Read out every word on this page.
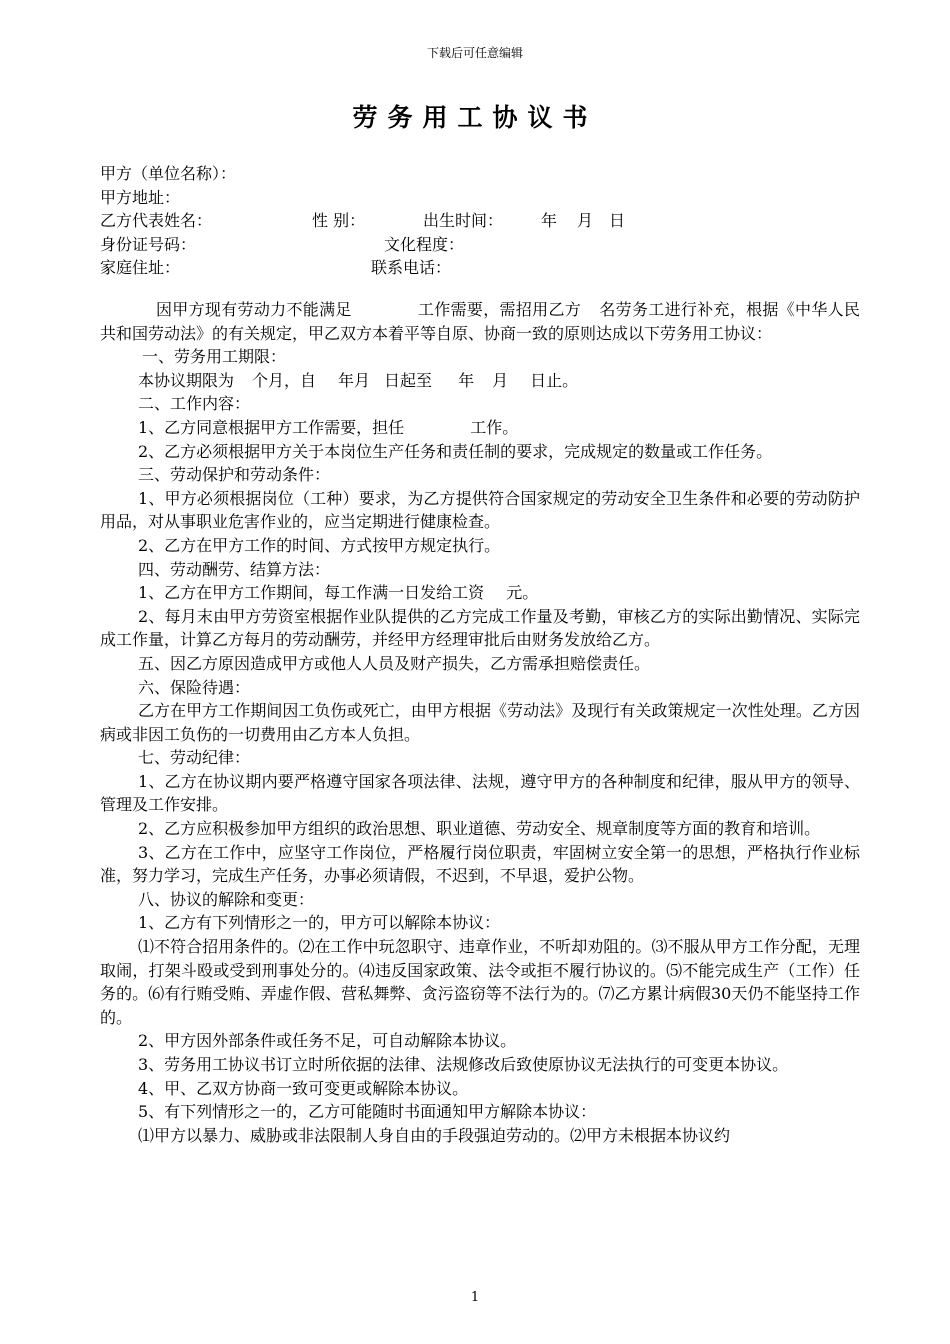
下载后可任意编辑
劳务用工协议书
甲方（单位名称）：
甲方地址：
乙方代表姓名：	性 别：	出生时间： 年 月 日
身份证号码：	文化程度：
家庭住址：	联系电话：

因甲方现有劳动力不能满足	工作需要，需招用乙方 名劳务工进行补充，根据《中华人民共和国劳动法》的有关规定，甲乙双方本着平等自原、协商一致的原则达成以下劳务用工协议：

一、劳务用工期限：

本协议期限为 个月，自 年月 日起至 年 月 日止。

二、工作内容：

1、乙方同意根据甲方工作需要，担任	工作。

2、乙方必须根据甲方关于本岗位生产任务和责任制的要求，完成规定的数量或工作任务。

三、劳动保护和劳动条件：

1、甲方必须根据岗位（工种）要求，为乙方提供符合国家规定的劳动安全卫生条件和必要的劳动防护用品，对从事职业危害作业的，应当定期进行健康检查。

2、乙方在甲方工作的时间、方式按甲方规定执行。

四、劳动酬劳、结算方法：

1、乙方在甲方工作期间，每工作满一日发给工资 元。

2、每月末由甲方劳资室根据作业队提供的乙方完成工作量及考勤，审核乙方的实际出勤情况、实际完成工作量，计算乙方每月的劳动酬劳，并经甲方经理审批后由财务发放给乙方。

五、因乙方原因造成甲方或他人人员及财产损失，乙方需承担赔偿责任。

六、保险待遇：

乙方在甲方工作期间因工负伤或死亡，由甲方根据《劳动法》及现行有关政策规定一次性处理。乙方因病或非因工负伤的一切费用由乙方本人负担。

七、劳动纪律：

1、乙方在协议期内要严格遵守国家各项法律、法规，遵守甲方的各种制度和纪律，服从甲方的领导、管理及工作安排。

2、乙方应积极参加甲方组织的政治思想、职业道德、劳动安全、规章制度等方面的教育和培训。

3、乙方在工作中，应坚守工作岗位，严格履行岗位职责，牢固树立安全第一的思想，严格执行作业标准，努力学习，完成生产任务，办事必须请假，不迟到，不早退，爱护公物。

八、协议的解除和变更：

1、乙方有下列情形之一的，甲方可以解除本协议：

⑴不符合招用条件的。⑵在工作中玩忽职守、违章作业，不听却劝阻的。⑶不服从甲方工作分配，无理取闹，打架斗殴或受到刑事处分的。⑷违反国家政策、法令或拒不履行协议的。⑸不能完成生产（工作）任务的。⑹有行贿受贿、弄虚作假、营私舞弊、贪污盗窃等不法行为的。⑺乙方累计病假30天仍不能坚持工作的。

2、甲方因外部条件或任务不足，可自动解除本协议。

3、劳务用工协议书订立时所依据的法律、法规修改后致使原协议无法执行的可变更本协议。

4、甲、乙双方协商一致可变更或解除本协议。

5、有下列情形之一的，乙方可能随时书面通知甲方解除本协议：

⑴甲方以暴力、威胁或非法限制人身自由的手段强迫劳动的。⑵甲方未根据本协议约

1
